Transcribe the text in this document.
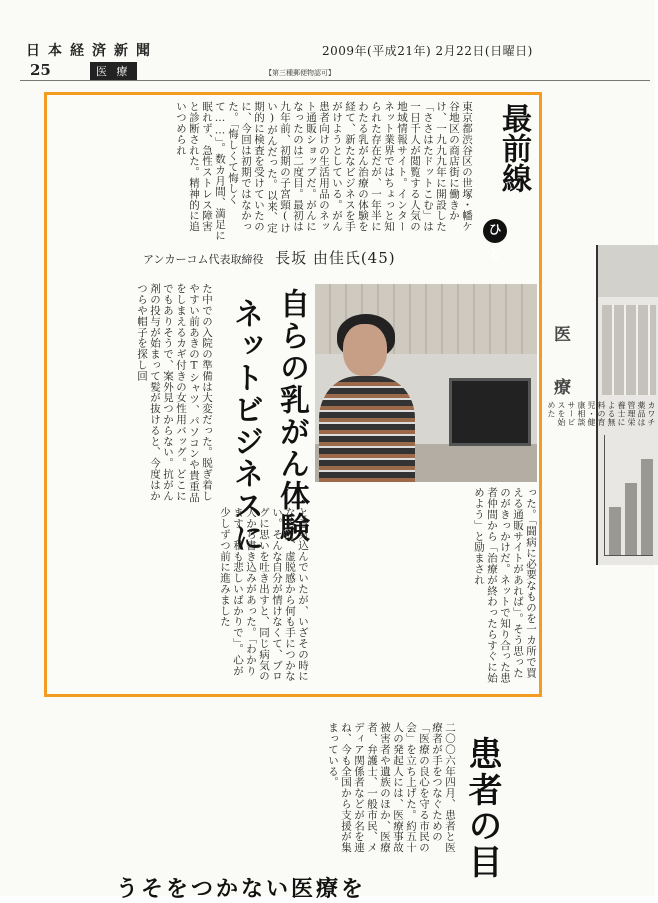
日本経済新聞	2009年(平成21年) 2月22日(日曜日)
25	医 療	【第三種郵便物認可】
東京都渋谷区の世塚・幡ケ谷地区の商店街に働きかけ、一九九九年に開設した「ささはたドットこむ」は一日千人が閲覧する人気の地域情報サイト。インターネット業界ではちょっと知られた存在だが、一年半にわたる乳がん治療の体験を経て、新たなビジネスを手がけようとしている。がん患者向けの生活用品のネット通販ショップだ。がんになったのは二度目。最初は九年前、初期の子宮頸(けい)がんだった。以来、定期的に検査を受けていたのに、今回は初期ではなかった。「悔しくて悔しくて……」。数カ月間、満足に眠れず、急性ストレス障害と診断された。精神的に追いつめられ	最前線
ひと
アンカーコム代表取締役 長坂 由佳氏(45)
自らの乳がん体験
ネットビジネスに
た中での入院の準備は大変だった。脱ぎ着しやすい前あきのTシャツ、パソコンや貴重品をしまえるカギ付きの女性用バッグ。どこにでもありそうで、案外見つからない。抗がん剤の投与が始まって髪が抜けると、今度はかつらや帽子を探し回
った。「闘病に必要なものを一カ所で買える通販サイトがあれば」。そう思ったのがきっかけだ。ネットで知り合った患者仲間から「治療が終わったらすぐに始めよう」と励まされ
と意気込んでいたが、いざその時になると、虚脱感から何も手につかない。そんな自分が情けなくて、ブログに思いを吐き出すと、同じ病気の人から書き込みがあった。「わかります。私も悲しいばかりで」。心が少しずつ前に進みました
医 療
カワチ薬品は管理栄養士による無料の育児・健康相談サービスを始めた
患者の目
二〇〇六年四月、患者と医療者が手をつなぐための「医療の良心を守る市民の会」を立ち上げた。約五十人の発起人には、医療事故被害者や遺族のほか、医療者、弁護士、一般市民、メディア関係者などが名を連ね、今も全国から支援が集まっている。
うそをつかない医療を
